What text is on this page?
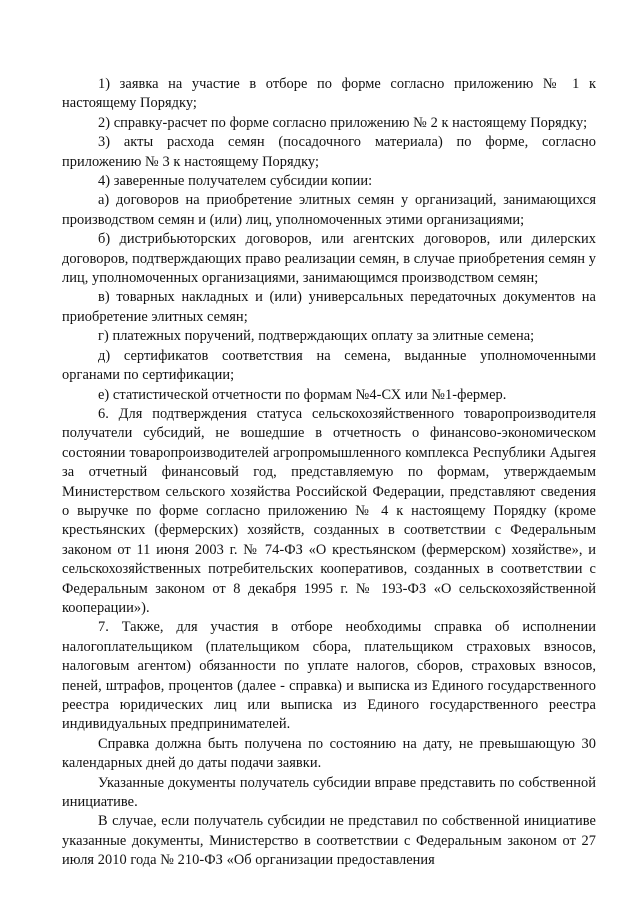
1) заявка на участие в отборе по форме согласно приложению № 1 к настоящему Порядку;

2) справку-расчет по форме согласно приложению № 2 к настоящему Порядку;

3) акты расхода семян (посадочного материала) по форме, согласно приложению № 3 к настоящему Порядку;

4) заверенные получателем субсидии копии:

а) договоров на приобретение элитных семян у организаций, занимающихся производством семян и (или) лиц, уполномоченных этими организациями;

б) дистрибьюторских договоров, или агентских договоров, или дилерских договоров, подтверждающих право реализации семян, в случае приобретения семян у лиц, уполномоченных организациями, занимающимся производством семян;

в) товарных накладных и (или) универсальных передаточных документов на приобретение элитных семян;

г) платежных поручений, подтверждающих оплату за элитные семена;

д) сертификатов соответствия на семена, выданные уполномоченными органами по сертификации;

е) статистической отчетности по формам №4-СХ или №1-фермер.

6. Для подтверждения статуса сельскохозяйственного товаропроизводителя получатели субсидий, не вошедшие в отчетность о финансово-экономическом состоянии товаропроизводителей агропромышленного комплекса Республики Адыгея за отчетный финансовый год, представляемую по формам, утверждаемым Министерством сельского хозяйства Российской Федерации, представляют сведения о выручке по форме согласно приложению № 4 к настоящему Порядку (кроме крестьянских (фермерских) хозяйств, созданных в соответствии с Федеральным законом от 11 июня 2003 г. № 74-ФЗ «О крестьянском (фермерском) хозяйстве», и сельскохозяйственных потребительских кооперативов, созданных в соответствии с Федеральным законом от 8 декабря 1995 г. № 193-ФЗ «О сельскохозяйственной кооперации»).

7. Также, для участия в отборе необходимы справка об исполнении налогоплательщиком (плательщиком сбора, плательщиком страховых взносов, налоговым агентом) обязанности по уплате налогов, сборов, страховых взносов, пеней, штрафов, процентов (далее - справка) и выписка из Единого государственного реестра юридических лиц или выписка из Единого государственного реестра индивидуальных предпринимателей.

Справка должна быть получена по состоянию на дату, не превышающую 30 календарных дней до даты подачи заявки.

Указанные документы получатель субсидии вправе представить по собственной инициативе.

В случае, если получатель субсидии не представил по собственной инициативе указанные документы, Министерство в соответствии с Федеральным законом от 27 июля 2010 года № 210-ФЗ «Об организации предоставления
